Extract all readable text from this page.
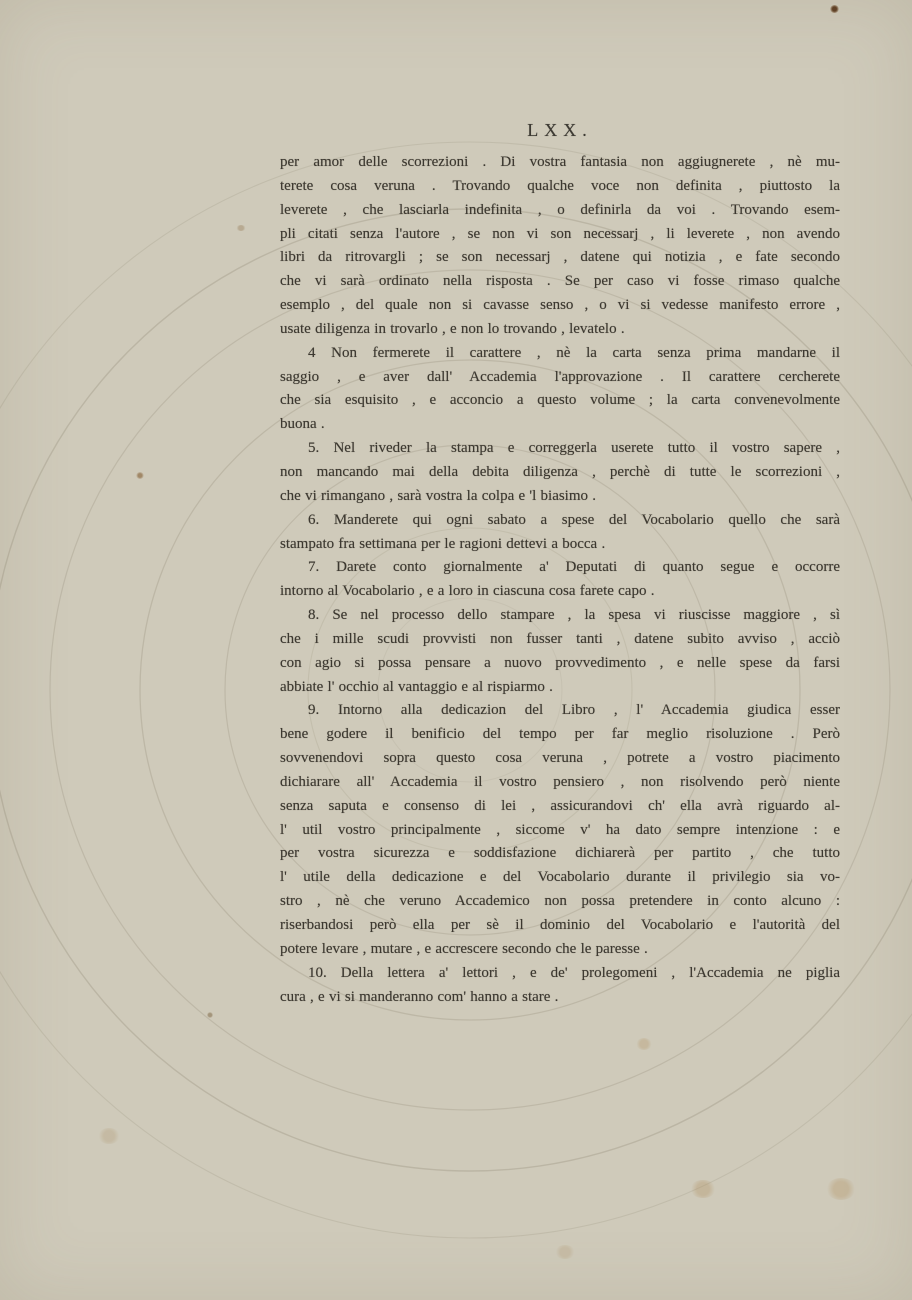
LXX.
per amor delle scorrezioni . Di vostra fantasia non aggiugnerete , nè mu-
terete cosa veruna . Trovando qualche voce non definita , piuttosto la
leverete , che lasciarla indefinita , o definirla da voi . Trovando esem-
pli citati senza l'autore , se non vi son necessarj , li leverete , non avendo
libri da ritrovargli ; se son necessarj , datene qui notizia , e fate secondo
che vi sarà ordinato nella risposta . Se per caso vi fosse rimaso qualche
esemplo , del quale non si cavasse senso , o vi si vedesse manifesto errore ,
usate diligenza in trovarlo , e non lo trovando , levatelo .
4 Non fermerete il carattere , nè la carta senza prima mandarne il
saggio , e aver dall' Accademia l'approvazione . Il carattere cercherete
che sia esquisito , e acconcio a questo volume ; la carta convenevolmente
buona .
5. Nel riveder la stampa e correggerla userete tutto il vostro sapere ,
non mancando mai della debita diligenza , perchè di tutte le scorrezioni ,
che vi rimangano , sarà vostra la colpa e 'l biasimo .
6. Manderete qui ogni sabato a spese del Vocabolario quello che sarà
stampato fra settimana per le ragioni dettevi a bocca .
7. Darete conto giornalmente a' Deputati di quanto segue e occorre
intorno al Vocabolario , e a loro in ciascuna cosa farete capo .
8. Se nel processo dello stampare , la spesa vi riuscisse maggiore , sì
che i mille scudi provvisti non fusser tanti , datene subito avviso , acciò
con agio si possa pensare a nuovo provvedimento , e nelle spese da farsi
abbiate l' occhio al vantaggio e al rispiarmo .
9. Intorno alla dedicazion del Libro , l' Accademia giudica esser
bene godere il benificio del tempo per far meglio risoluzione . Però
sovvenendovi sopra questo cosa veruna , potrete a vostro piacimento
dichiarare all' Accademia il vostro pensiero , non risolvendo però niente
senza saputa e consenso di lei , assicurandovi ch' ella avrà riguardo al-
l' util vostro principalmente , siccome v' ha dato sempre intenzione : e
per vostra sicurezza e soddisfazione dichiarerà per partito , che tutto
l' utile della dedicazione e del Vocabolario durante il privilegio sia vo-
stro , nè che veruno Accademico non possa pretendere in conto alcuno :
riserbandosi però ella per sè il dominio del Vocabolario e l'autorità del
potere levare , mutare , e accrescere secondo che le paresse .
10. Della lettera a' lettori , e de' prolegomeni , l'Accademia ne piglia
cura , e vi si manderanno com' hanno a stare .
